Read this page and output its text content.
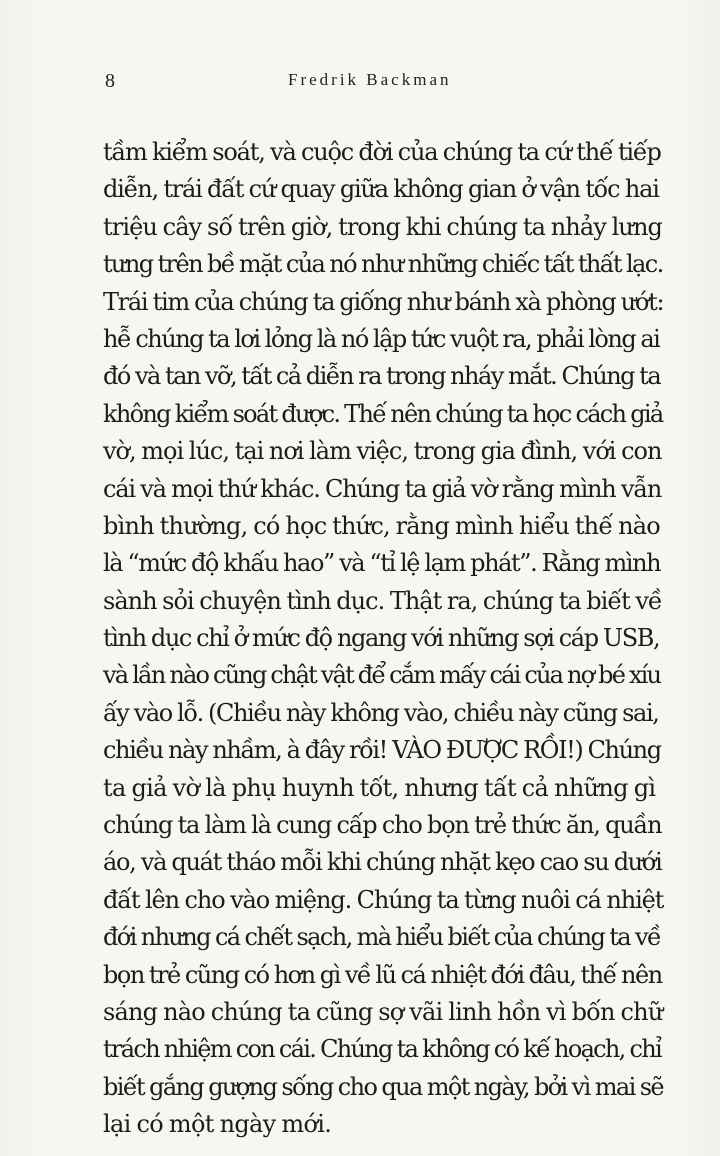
8	Fredrik Backman
tầm kiểm soát, và cuộc đời của chúng ta cứ thế tiếp
diễn, trái đất cứ quay giữa không gian ở vận tốc hai
triệu cây số trên giờ, trong khi chúng ta nhảy lưng
tưng trên bề mặt của nó như những chiếc tất thất lạc.
Trái tim của chúng ta giống như bánh xà phòng ướt:
hễ chúng ta lơi lỏng là nó lập tức vuột ra, phải lòng ai
đó và tan vỡ, tất cả diễn ra trong nháy mắt. Chúng ta
không kiểm soát được. Thế nên chúng ta học cách giả
vờ, mọi lúc, tại nơi làm việc, trong gia đình, với con
cái và mọi thứ khác. Chúng ta giả vờ rằng mình vẫn
bình thường, có học thức, rằng mình hiểu thế nào
là “mức độ khấu hao” và “tỉ lệ lạm phát”. Rằng mình
sành sỏi chuyện tình dục. Thật ra, chúng ta biết về
tình dục chỉ ở mức độ ngang với những sợi cáp USB,
và lần nào cũng chật vật để cắm mấy cái của nợ bé xíu
ấy vào lỗ. (Chiều này không vào, chiều này cũng sai,
chiều này nhầm, à đây rồi! VÀO ĐƯỢC RỒI!) Chúng
ta giả vờ là phụ huynh tốt, nhưng tất cả những gì
chúng ta làm là cung cấp cho bọn trẻ thức ăn, quần
áo, và quát tháo mỗi khi chúng nhặt kẹo cao su dưới
đất lên cho vào miệng. Chúng ta từng nuôi cá nhiệt
đới nhưng cá chết sạch, mà hiểu biết của chúng ta về
bọn trẻ cũng có hơn gì về lũ cá nhiệt đới đâu, thế nên
sáng nào chúng ta cũng sợ vãi linh hồn vì bốn chữ
trách nhiệm con cái. Chúng ta không có kế hoạch, chỉ
biết gắng gượng sống cho qua một ngày, bởi vì mai sẽ
lại có một ngày mới.
